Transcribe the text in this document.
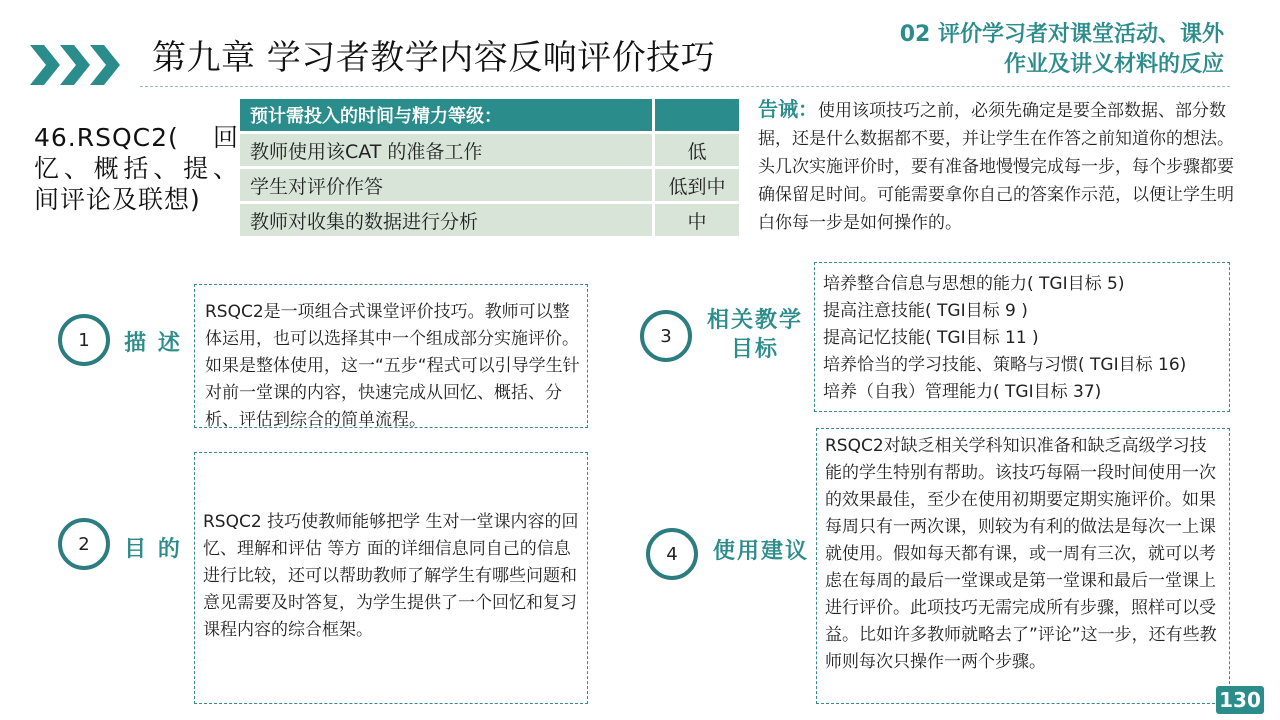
第九章 学习者教学内容反响评价技巧
02 评价学习者对课堂活动、课外
作业及讲义材料的反应
46.RSQC2( 回忆、概括、提、间评论及联想)
预计需投入的时间与精力等级：	
教师使用该CAT 的准备工作	低
学生对评价作答	低到中
教师对收集的数据进行分析	中
告诫：使用该项技巧之前，必须先确定是要全部数据、部分数据，还是什么数据都不要，并让学生在作答之前知道你的想法。头几次实施评价时，要有准备地慢慢完成每一步，每个步骤都要确保留足时间。可能需要拿你自己的答案作示范，以便让学生明白你每一步是如何操作的。
1	描 述
RSQC2是一项组合式课堂评价技巧。教师可以整体运用，也可以选择其中一个组成部分实施评价。如果是整体使用，这一“五步“程式可以引导学生针对前一堂课的内容，快速完成从回忆、概括、分析、评估到综合的简单流程。
2	目 的
RSQC2 技巧使教师能够把学 生对一堂课内容的回忆、理解和评估 等方 面的详细信息同自己的信息进行比较，还可以帮助教师了解学生有哪些问题和意见需要及时答复，为学生提供了一个回忆和复习课程内容的综合框架。
3
相关教学
目标
培养整合信息与思想的能力( TGI目标 5)
提高注意技能( TGI目标 9 )
提高记忆技能( TGI目标 11 )
培养恰当的学习技能、策略与习惯( TGI目标 16)
培养（自我）管理能力( TGI目标 37)
4	使用建议
RSQC2对缺乏相关学科知识准备和缺乏高级学习技能的学生特别有帮助。该技巧每隔一段时间使用一次的效果最佳，至少在使用初期要定期实施评价。如果每周只有一两次课，则较为有利的做法是每次一上课就使用。假如每天都有课，或一周有三次，就可以考虑在每周的最后一堂课或是第一堂课和最后一堂课上进行评价。此项技巧无需完成所有步骤，照样可以受益。比如许多教师就略去了”评论”这一步，还有些教师则每次只操作一两个步骤。
130
